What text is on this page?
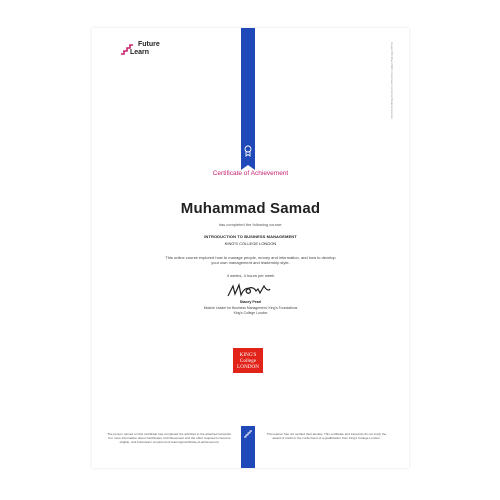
Future
Learn	Issued 8th May 2020. futurelearn.com/certificates/xxxxxxx
Certificate of Achievement
Muhammad Samad
has completed the following course:
INTRODUCTION TO BUSINESS MANAGEMENT
KING'S COLLEGE LONDON
This online course explored how to manage people, money and information, and how to develop your own management and leadership style.
4 weeks, 4 hours per week
Stacey Pearl
Module Leader for Business Management, King's Foundations
King's College London
KING'S
College
LONDON
The person named on this certificate has completed the activities in the attached transcript. For more information about Certificates of Achievement and the effort required to become eligible, visit futurelearn.com/proof-of-learning/certificate-of-achievement.
This learner has not verified their identity. This certificate and transcript do not imply the award of credit or the conferment of a qualification from King's College London.
